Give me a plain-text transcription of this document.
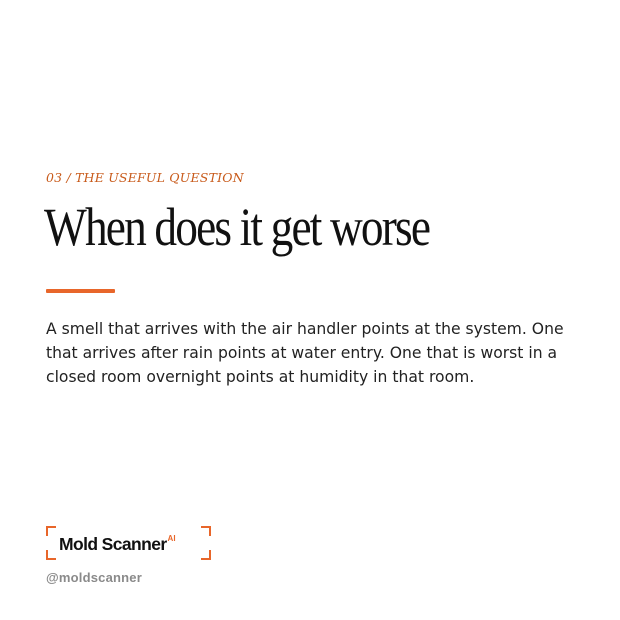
03 / THE USEFUL QUESTION
When does it get worse
A smell that arrives with the air handler points at the system. One that arrives after rain points at water entry. One that is worst in a closed room overnight points at humidity in that room.
Mold Scanner$^{AI}$
@moldscanner
